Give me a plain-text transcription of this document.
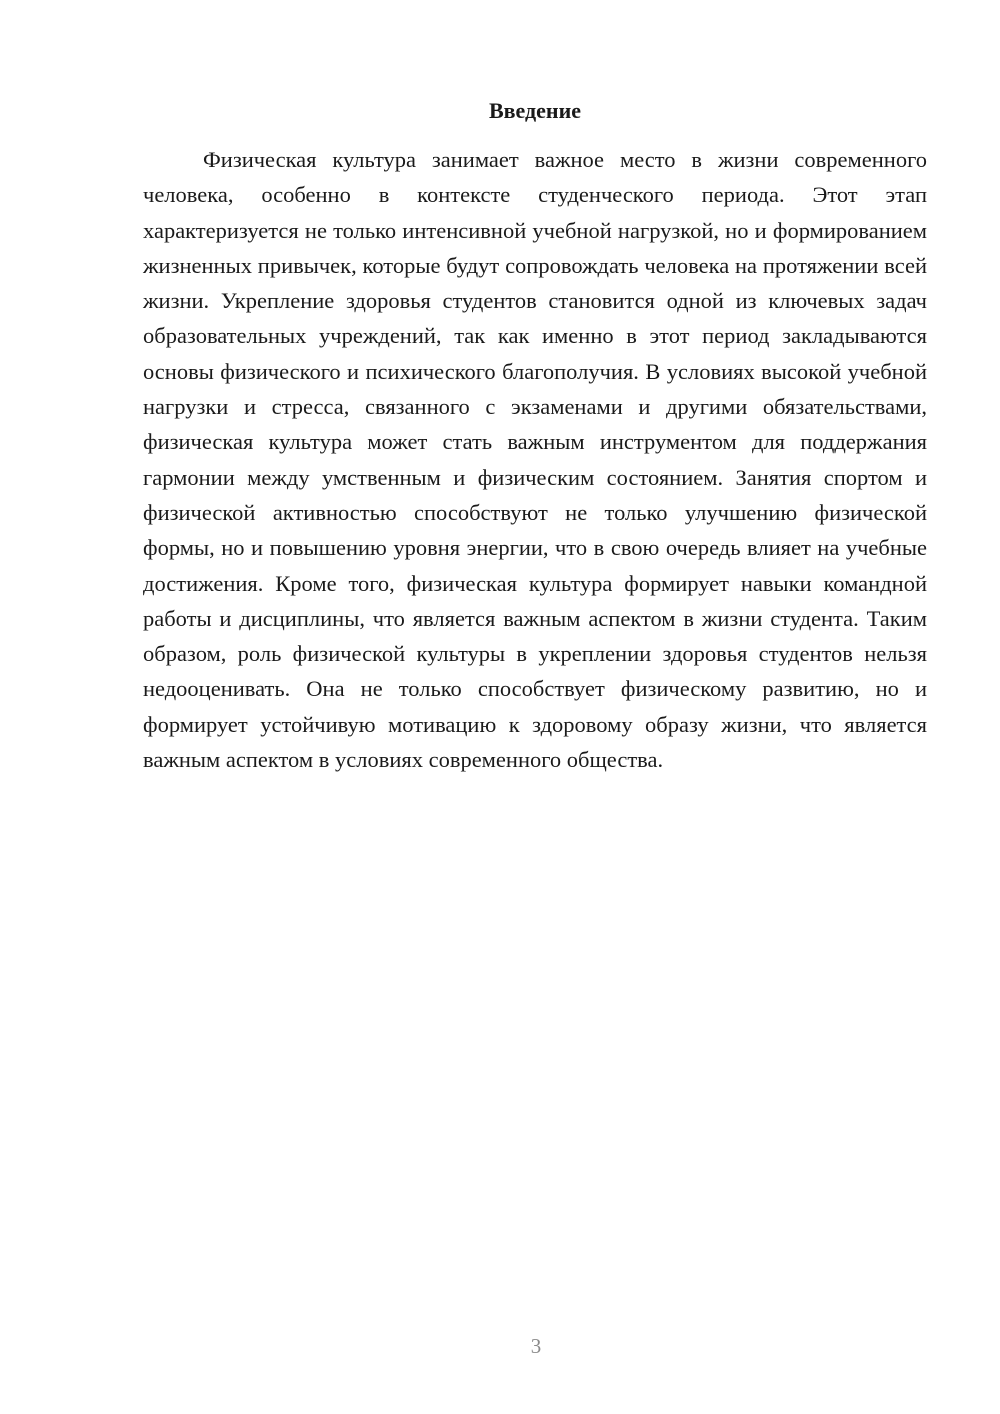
Введение

Физическая культура занимает важное место в жизни современного человека, особенно в контексте студенческого периода. Этот этап характеризуется не только интенсивной учебной нагрузкой, но и формированием жизненных привычек, которые будут сопровождать человека на протяжении всей жизни. Укрепление здоровья студентов становится одной из ключевых задач образовательных учреждений, так как именно в этот период закладываются основы физического и психического благополучия. В условиях высокой учебной нагрузки и стресса, связанного с экзаменами и другими обязательствами, физическая культура может стать важным инструментом для поддержания гармонии между умственным и физическим состоянием. Занятия спортом и физической активностью способствуют не только улучшению физической формы, но и повышению уровня энергии, что в свою очередь влияет на учебные достижения. Кроме того, физическая культура формирует навыки командной работы и дисциплины, что является важным аспектом в жизни студента. Таким образом, роль физической культуры в укреплении здоровья студентов нельзя недооценивать. Она не только способствует физическому развитию, но и формирует устойчивую мотивацию к здоровому образу жизни, что является важным аспектом в условиях современного общества.

3
